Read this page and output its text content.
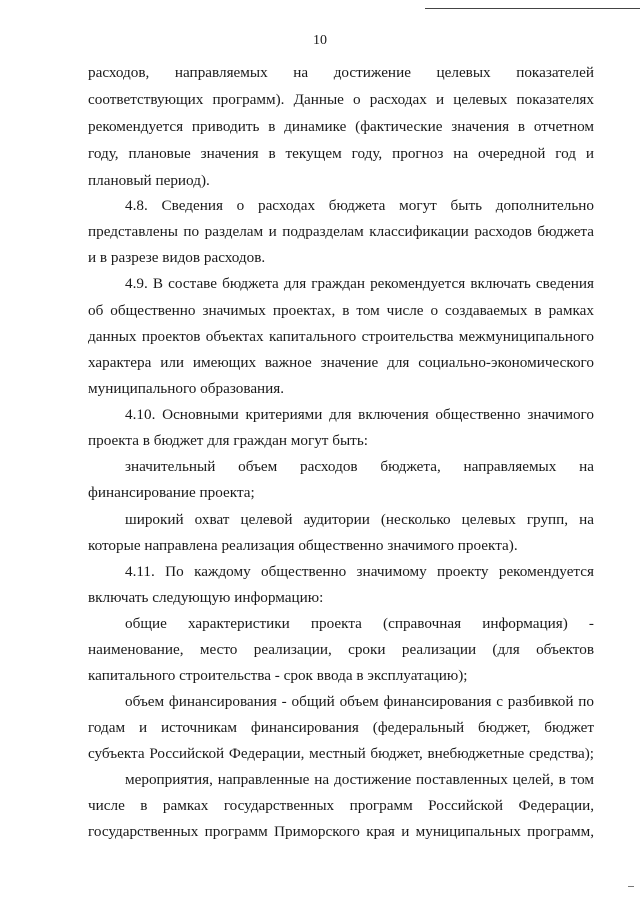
10
расходов, направляемых на достижение целевых показателей
соответствующих программ). Данные о расходах и целевых показателях
рекомендуется приводить в динамике (фактические значения в отчетном
году, плановые значения в текущем году, прогноз на очередной год и
плановый период).
4.8. Сведения о расходах бюджета могут быть дополнительно
представлены по разделам и подразделам классификации расходов бюджета
и в разрезе видов расходов.
4.9. В составе бюджета для граждан рекомендуется включать сведения
об общественно значимых проектах, в том числе о создаваемых в рамках
данных проектов объектах капитального строительства межмуниципального
характера или имеющих важное значение для социально-экономического
муниципального образования.
4.10. Основными критериями для включения общественно значимого
проекта в бюджет для граждан могут быть:
значительный объем расходов бюджета, направляемых на
финансирование проекта;
широкий охват целевой аудитории (несколько целевых групп, на
которые направлена реализация общественно значимого проекта).
4.11. По каждому общественно значимому проекту рекомендуется
включать следующую информацию:
общие характеристики проекта (справочная информация) -
наименование, место реализации, сроки реализации (для объектов
капитального строительства - срок ввода в эксплуатацию);
объем финансирования - общий объем финансирования с разбивкой по
годам и источникам финансирования (федеральный бюджет, бюджет
субъекта Российской Федерации, местный бюджет, внебюджетные средства);
мероприятия, направленные на достижение поставленных целей, в том
числе в рамках государственных программ Российской Федерации,
государственных программ Приморского края и муниципальных программ,
